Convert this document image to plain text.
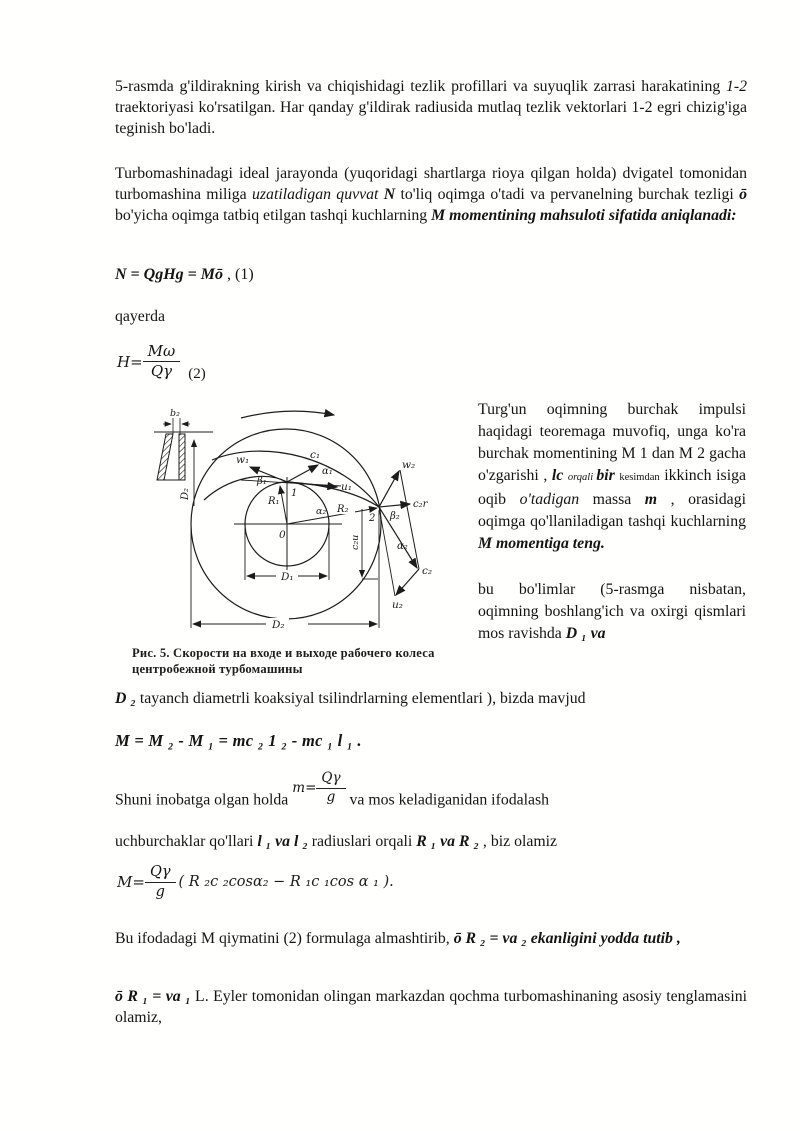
5-rasmda g'ildirakning kirish va chiqishidagi tezlik profillari va suyuqlik zarrasi harakatining 1-2 traektoriyasi ko'rsatilgan. Har qanday g'ildirak radiusida mutlaq tezlik vektorlari 1-2 egri chizig'iga teginish bo'ladi.

Turbomashinadagi ideal jarayonda (yuqoridagi shartlarga rioya qilgan holda) dvigatel tomonidan turbomashina miliga uzatiladigan quvvat N to'liq oqimga o'tadi va pervanelning burchak tezligi ō bo'yicha oqimga tatbiq etilgan tashqi kuchlarning M momentining mahsuloti sifatida aniqlanadi:

N = QgHg = Mō , (1)

qayerda

$H= \frac{M\omega}{Q\gamma} (2)$
b₂
D₂
w₁	c₁
u₁
β₁
α₁
R₁
1
0
R₂
α₂
2
w₂
c₂r
β₂
α₂
c₂u
c₂
u₂
D₁
D₂
Рис. 5. Скорости на входе и выходе рабочего колеса
центробежной турбомашины

Turg'un oqimning burchak impulsi haqidagi teoremaga muvofiq, unga ko'ra burchak momentining M 1 dan M 2 gacha o'zgarishi , lc orqali bir kesimdan ikkinch isiga oqib o'tadigan massa m , orasidagi oqimga qo'llaniladigan tashqi kuchlarning M momentiga teng.

bu bo'limlar (5-rasmga nisbatan, oqimning boshlang'ich va oxirgi qismlari mos ravishda D ₁ va

D ₂ tayanch diametrli koaksiyal tsilindrlarning elementlari ), bizda mavjud

M = M ₂ - M ₁ = mc ₂ 1 ₂ - mc ₁ l ₁ .

Shuni inobatga olgan holda
$m= \frac{Q\gamma}{g}$ va mos keladiganidan ifodalash

uchburchaklar qo'llari l ₁ va l ₂ radiuslari orqali R ₁ va R ₂ , biz olamiz

$M= \frac{Q\gamma}{g}$ ( R ₂c ₂cosα₂ − R ₁c ₁cos α ₁ ).

Bu ifodadagi M qiymatini (2) formulaga almashtirib, ō R ₂ = va ₂ ekanligini yodda tutib ,

ō R ₁ = va ₁ L. Eyler tomonidan olingan markazdan qochma turbomashinaning asosiy tenglamasini olamiz,
